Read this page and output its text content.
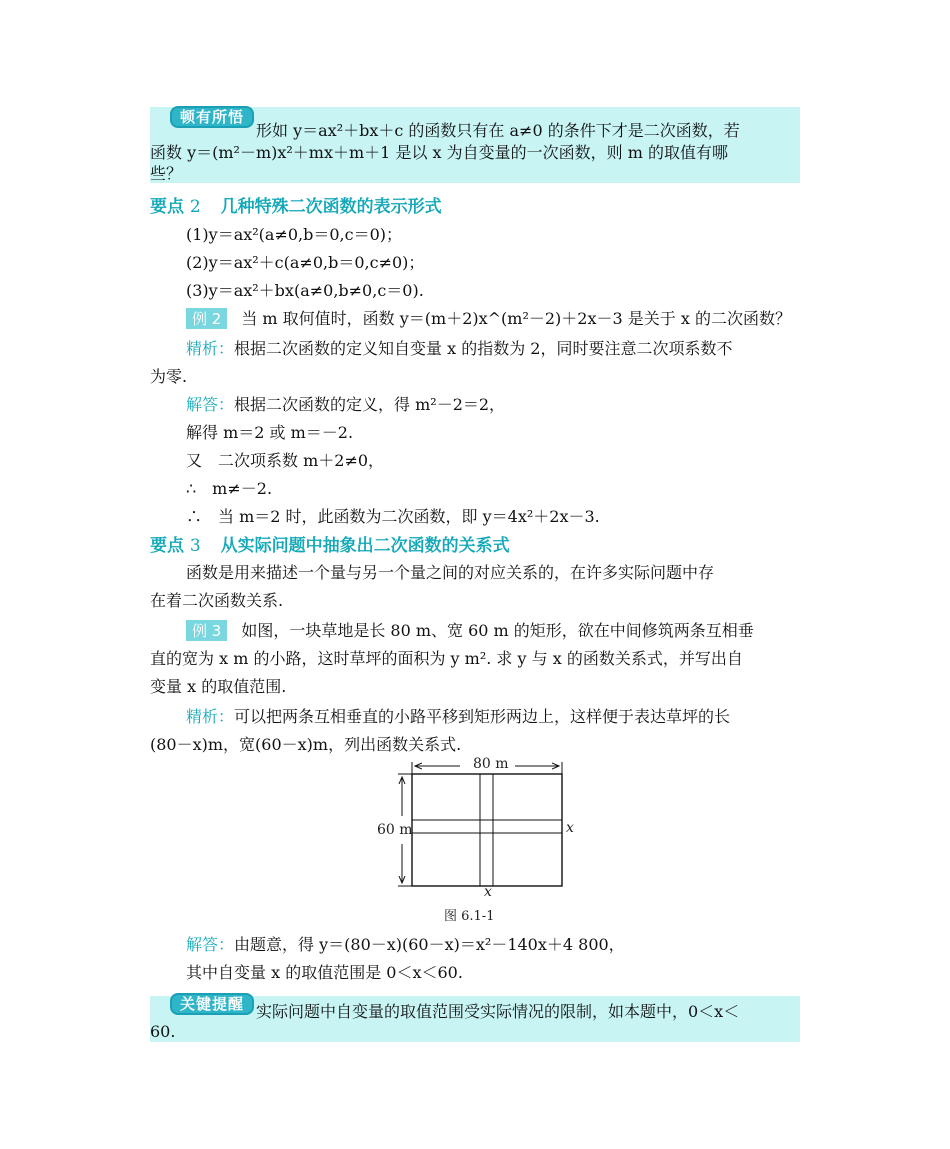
顿有所悟
形如 y＝ax²＋bx＋c 的函数只有在 a≠0 的条件下才是二次函数，若
函数 y＝(m²－m)x²＋mx＋m＋1 是以 x 为自变量的一次函数，则 m 的取值有哪
些？
要点 2 几种特殊二次函数的表示形式
(1)y＝ax²(a≠0,b＝0,c＝0)；
(2)y＝ax²＋c(a≠0,b＝0,c≠0)；
(3)y＝ax²＋bx(a≠0,b≠0,c＝0).
例 2 当 m 取何值时，函数 y＝(m＋2)x^(m²－2)＋2x－3 是关于 x 的二次函数？
精析：根据二次函数的定义知自变量 x 的指数为 2，同时要注意二次项系数不
为零.
解答：根据二次函数的定义，得 m²－2＝2，
解得 m＝2 或 m＝－2.
又　二次项系数 m＋2≠0，
∴　m≠－2.
∴　当 m＝2 时，此函数为二次函数，即 y＝4x²＋2x－3.
要点 3 从实际问题中抽象出二次函数的关系式
函数是用来描述一个量与另一个量之间的对应关系的，在许多实际问题中存
在着二次函数关系.
例 3 如图，一块草地是长 80 m、宽 60 m 的矩形，欲在中间修筑两条互相垂
直的宽为 x m 的小路，这时草坪的面积为 y m². 求 y 与 x 的函数关系式，并写出自
变量 x 的取值范围.
精析：可以把两条互相垂直的小路平移到矩形两边上，这样便于表达草坪的长
(80－x)m，宽(60－x)m，列出函数关系式.
80 m
60 m	x
x
图 6.1-1
解答：由题意，得 y＝(80－x)(60－x)＝x²－140x＋4 800，
其中自变量 x 的取值范围是 0＜x＜60.
关键提醒 实际问题中自变量的取值范围受实际情况的限制，如本题中，0＜x＜
60.
